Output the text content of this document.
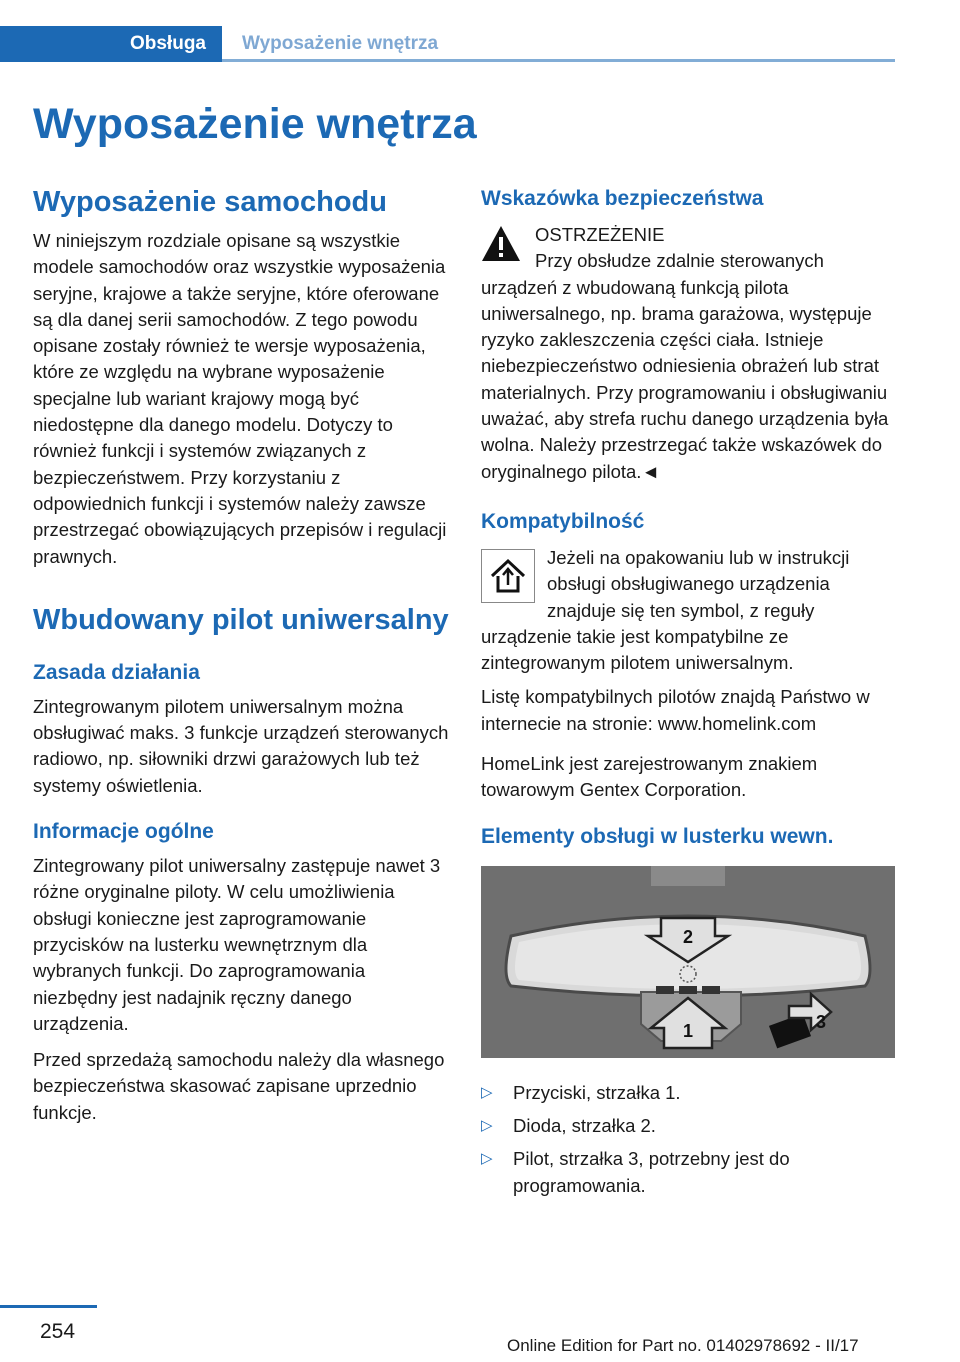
Obsługa	Wyposażenie wnętrza
Wyposażenie wnętrza
Wyposażenie samochodu

W niniejszym rozdziale opisane są wszystkie modele samochodów oraz wszystkie wyposażenia seryjne, krajowe a także seryjne, które oferowane są dla danej serii samochodów. Z tego powodu opisane zostały również te wersje wyposażenia, które ze względu na wybrane wyposażenie specjalne lub wariant krajowy mogą być niedostępne dla danego modelu. Dotyczy to również funkcji i systemów związanych z bezpieczeństwem. Przy korzystaniu z odpowiednich funkcji i systemów należy zawsze przestrzegać obowiązujących przepisów i regulacji prawnych.

Wbudowany pilot uniwersalny
Zasada działania

Zintegrowanym pilotem uniwersalnym można obsługiwać maks. 3 funkcje urządzeń sterowanych radiowo, np. siłowniki drzwi garażowych lub też systemy oświetlenia.

Informacje ogólne

Zintegrowany pilot uniwersalny zastępuje nawet 3 różne oryginalne piloty. W celu umożliwienia obsługi konieczne jest zaprogramowanie przycisków na lusterku wewnętrznym dla wybranych funkcji. Do zaprogramowania niezbędny jest nadajnik ręczny danego urządzenia.

Przed sprzedażą samochodu należy dla własnego bezpieczeństwa skasować zapisane uprzednio funkcje.

Wskazówka bezpieczeństwa

OSTRZEŻENIE

Przy obsłudze zdalnie sterowanych urządzeń z wbudowaną funkcją pilota uniwersalnego, np. brama garażowa, występuje ryzyko zakleszczenia części ciała. Istnieje niebezpieczeństwo odniesienia obrażeń lub strat materialnych. Przy programowaniu i obsługiwaniu uważać, aby strefa ruchu danego urządzenia była wolna. Należy przestrzegać także wskazówek do oryginalnego pilota.◄

Kompatybilność

Jeżeli na opakowaniu lub w instrukcji obsługi obsługiwanego urządzenia znajduje się ten symbol, z reguły urządzenie takie jest kompatybilne ze zintegrowanym pilotem uniwersalnym.

Listę kompatybilnych pilotów znajdą Państwo w internecie na stronie: www.homelink.com

HomeLink jest zarejestrowanym znakiem towarowym Gentex Corporation.

Elementy obsługi w lusterku wewn.
2
1	3
▷	Przyciski, strzałka 1.
▷	Dioda, strzałka 2.
▷	Pilot, strzałka 3, potrzebny jest do programowania.
254
Online Edition for Part no. 01402978692 - II/17
